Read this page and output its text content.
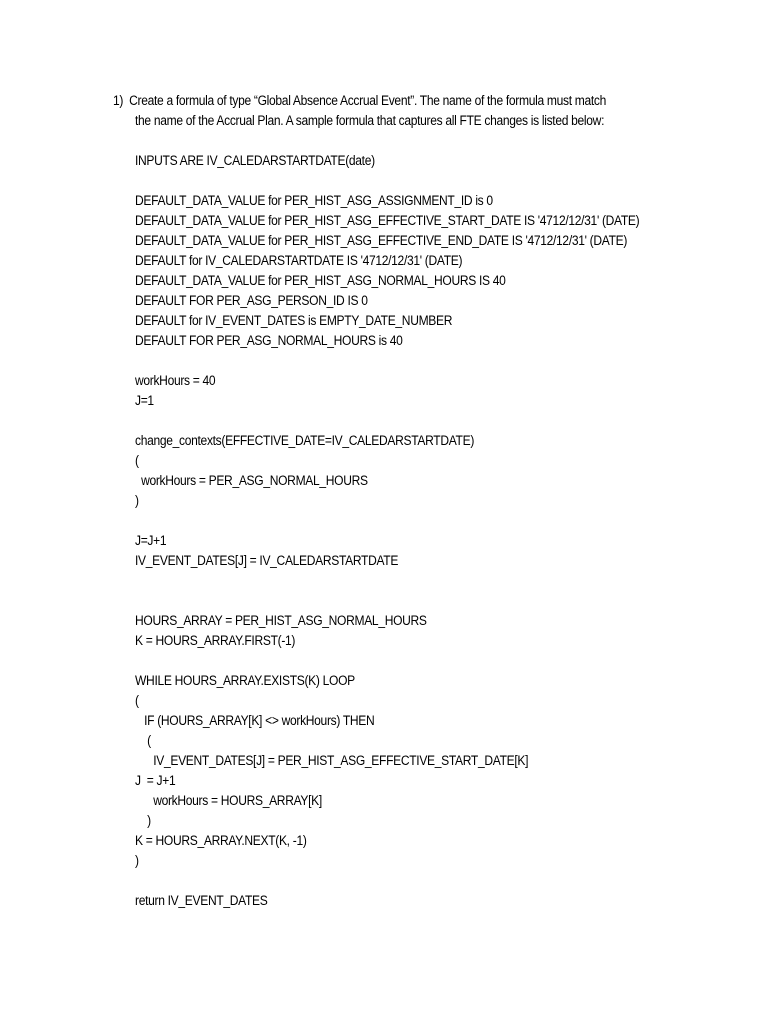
1)  Create a formula of type “Global Absence Accrual Event”. The name of the formula must match
the name of the Accrual Plan. A sample formula that captures all FTE changes is listed below:
INPUTS ARE IV_CALEDARSTARTDATE(date)
DEFAULT_DATA_VALUE for PER_HIST_ASG_ASSIGNMENT_ID is 0
DEFAULT_DATA_VALUE for PER_HIST_ASG_EFFECTIVE_START_DATE IS '4712/12/31' (DATE)
DEFAULT_DATA_VALUE for PER_HIST_ASG_EFFECTIVE_END_DATE IS '4712/12/31' (DATE)
DEFAULT for IV_CALEDARSTARTDATE IS '4712/12/31' (DATE)
DEFAULT_DATA_VALUE for PER_HIST_ASG_NORMAL_HOURS IS 40
DEFAULT FOR PER_ASG_PERSON_ID IS 0
DEFAULT for IV_EVENT_DATES is EMPTY_DATE_NUMBER
DEFAULT FOR PER_ASG_NORMAL_HOURS is 40
workHours = 40
J=1
change_contexts(EFFECTIVE_DATE=IV_CALEDARSTARTDATE)
(
workHours = PER_ASG_NORMAL_HOURS
)
J=J+1
IV_EVENT_DATES[J] = IV_CALEDARSTARTDATE
HOURS_ARRAY = PER_HIST_ASG_NORMAL_HOURS
K = HOURS_ARRAY.FIRST(-1)
WHILE HOURS_ARRAY.EXISTS(K) LOOP
(
IF (HOURS_ARRAY[K] <> workHours) THEN
(
IV_EVENT_DATES[J] = PER_HIST_ASG_EFFECTIVE_START_DATE[K]
J  = J+1
workHours = HOURS_ARRAY[K]
)
K = HOURS_ARRAY.NEXT(K, -1)
)
return IV_EVENT_DATES
